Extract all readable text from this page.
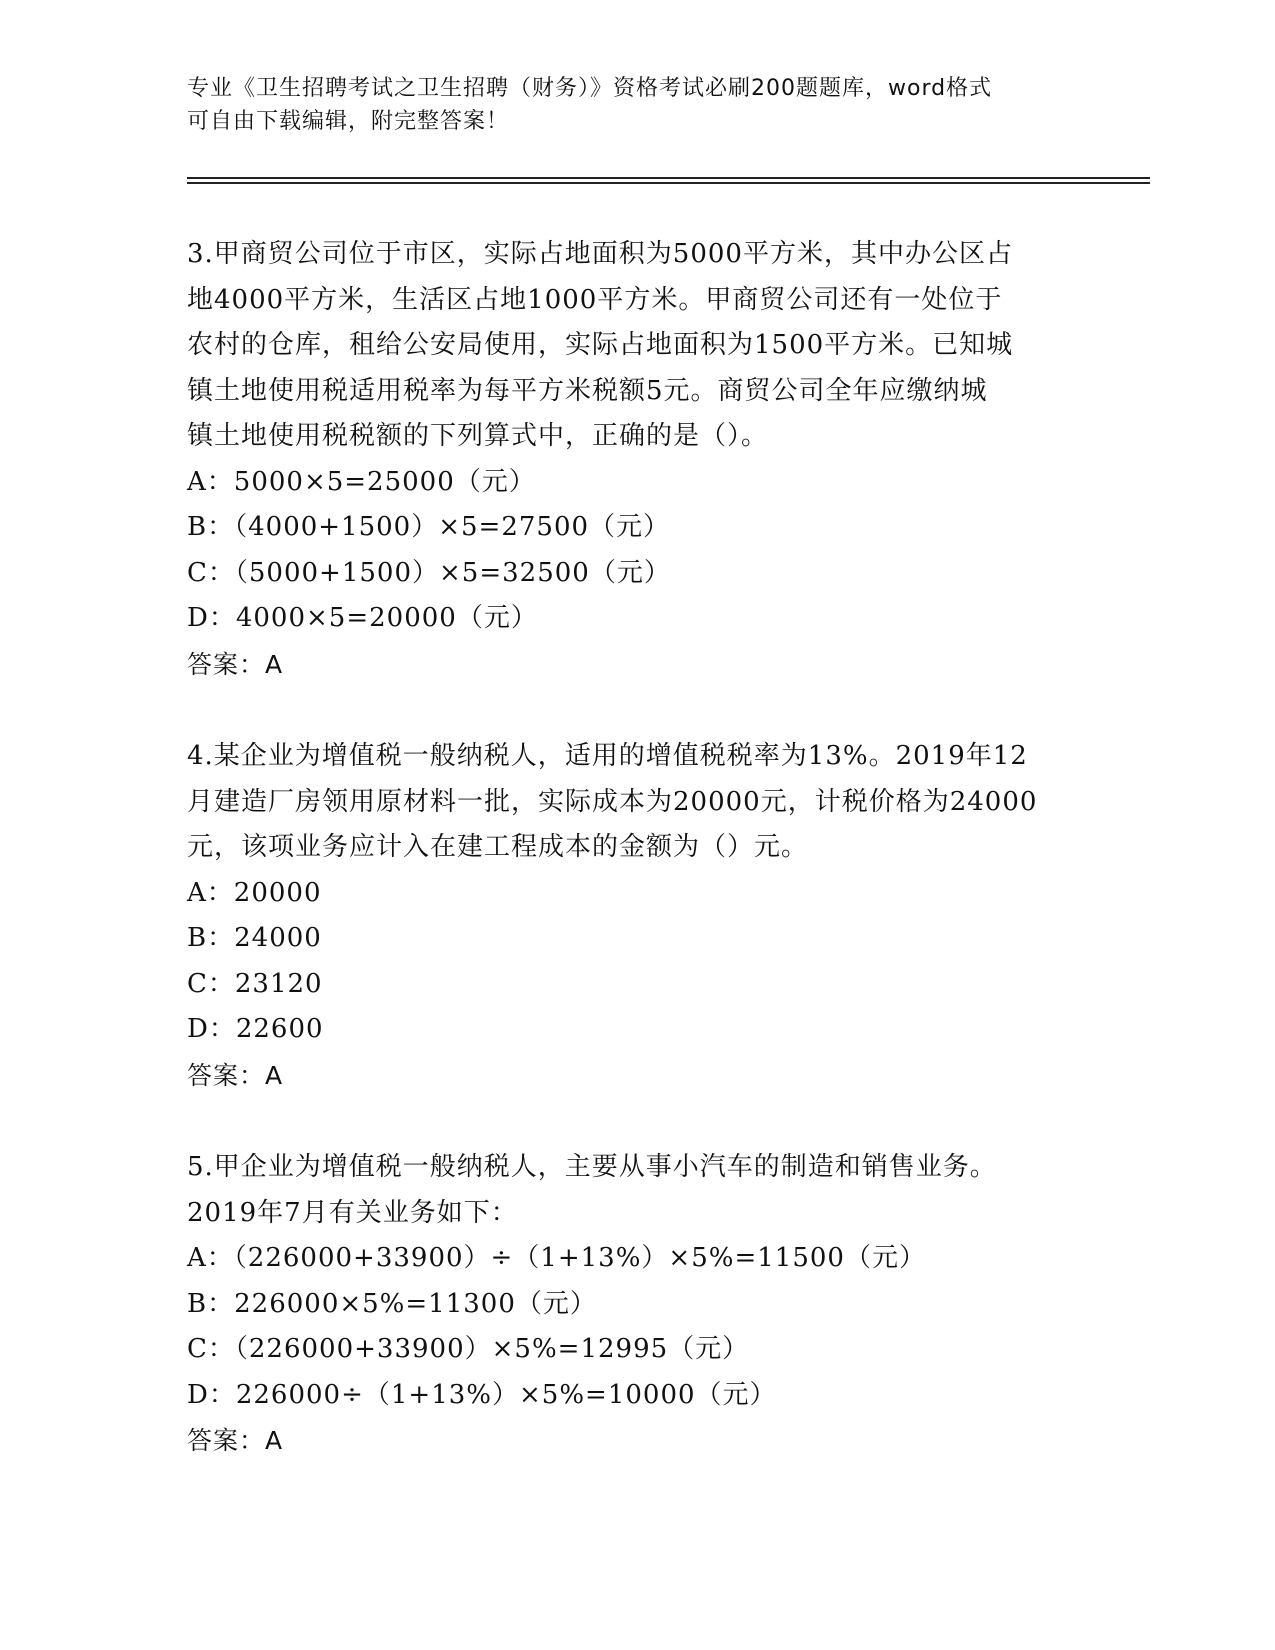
专业《卫生招聘考试之卫生招聘（财务）》资格考试必刷200题题库，word格式
可自由下载编辑，附完整答案！
3.甲商贸公司位于市区，实际占地面积为5000平方米，其中办公区占
地4000平方米，生活区占地1000平方米。甲商贸公司还有一处位于
农村的仓库，租给公安局使用，实际占地面积为1500平方米。已知城
镇土地使用税适用税率为每平方米税额5元。商贸公司全年应缴纳城
镇土地使用税税额的下列算式中，正确的是（）。
A：5000×5=25000（元）
B：（4000+1500）×5=27500（元）
C：（5000+1500）×5=32500（元）
D：4000×5=20000（元）
答案：A
4.某企业为增值税一般纳税人，适用的增值税税率为13%。2019年12
月建造厂房领用原材料一批，实际成本为20000元，计税价格为24000
元，该项业务应计入在建工程成本的金额为（）元。
A：20000
B：24000
C：23120
D：22600
答案：A
5.甲企业为增值税一般纳税人，主要从事小汽车的制造和销售业务。
2019年7月有关业务如下：
A：（226000+33900）÷（1+13%）×5%=11500（元）
B：226000×5%=11300（元）
C：（226000+33900）×5%=12995（元）
D：226000÷（1+13%）×5%=10000（元）
答案：A
